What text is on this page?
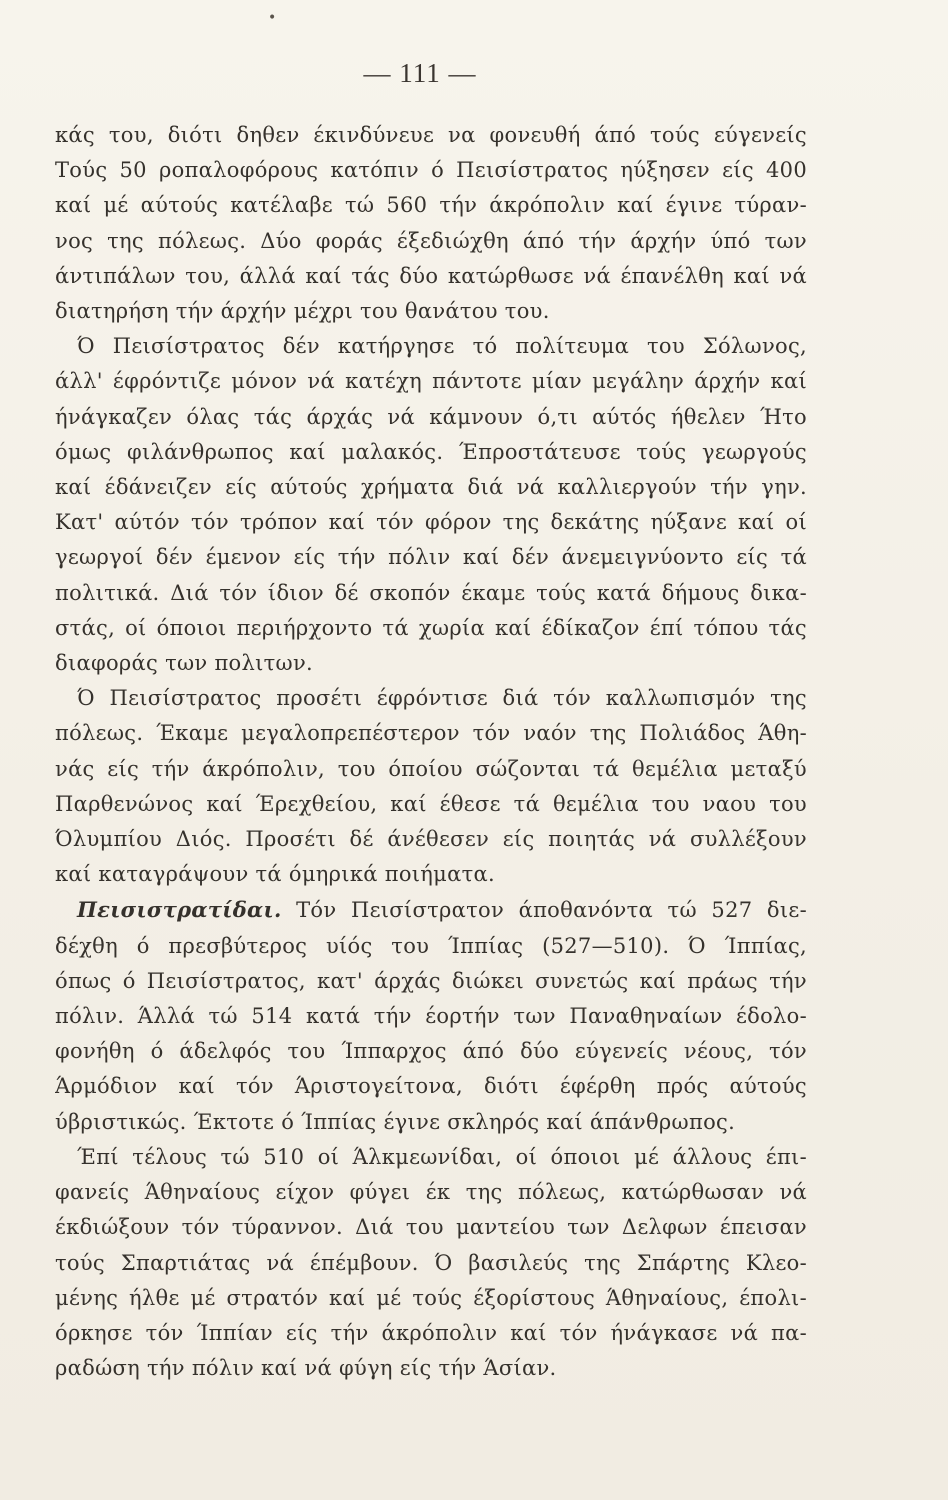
•
— 111 —
κάς του, διότι δηθεν έκινδύνευε να φονευθή άπό τούς εύγενείς
Τούς 50 ροπαλοφόρους κατόπιν ό Πεισίστρατος ηύξησεν είς 400
καί μέ αύτούς κατέλαβε τώ 560 τήν άκρόπολιν καί έγινε τύραν-
νος της πόλεως. Δύο φοράς έξεδιώχθη άπό τήν άρχήν ύπό των
άντιπάλων του, άλλά καί τάς δύο κατώρθωσε νά έπανέλθη καί νά
διατηρήση τήν άρχήν μέχρι του θανάτου του.
Ό Πεισίστρατος δέν κατήργησε τό πολίτευμα του Σόλωνος,
άλλ' έφρόντιζε μόνον νά κατέχη πάντοτε μίαν μεγάλην άρχήν καί
ήνάγκαζεν όλας τάς άρχάς νά κάμνουν ό,τι αύτός ήθελεν Ήτο
όμως φιλάνθρωπος καί μαλακός. Έπροστάτευσε τούς γεωργούς
καί έδάνειζεν είς αύτούς χρήματα διά νά καλλιεργούν τήν γην.
Κατ' αύτόν τόν τρόπον καί τόν φόρον της δεκάτης ηύξανε καί οί
γεωργοί δέν έμενον είς τήν πόλιν καί δέν άνεμειγνύοντο είς τά
πολιτικά. Διά τόν ίδιον δέ σκοπόν έκαμε τούς κατά δήμους δικα-
στάς, οί όποιοι περιήρχοντο τά χωρία καί έδίκαζον έπί τόπου τάς
διαφοράς των πολιτων.
Ό Πεισίστρατος προσέτι έφρόντισε διά τόν καλλωπισμόν της
πόλεως. Έκαμε μεγαλοπρεπέστερον τόν ναόν της Πολιάδος Άθη-
νάς είς τήν άκρόπολιν, του όποίου σώζονται τά θεμέλια μεταξύ
Παρθενώνος καί Έρεχθείου, καί έθεσε τά θεμέλια του ναου του
Όλυμπίου Διός. Προσέτι δέ άνέθεσεν είς ποιητάς νά συλλέξουν
καί καταγράψουν τά όμηρικά ποιήματα.
Πεισιστρατίδαι. Τόν Πεισίστρατον άποθανόντα τώ 527 διε-
δέχθη ό πρεσβύτερος υίός του Ίππίας (527—510). Ό Ίππίας,
όπως ό Πεισίστρατος, κατ' άρχάς διώκει συνετώς καί πράως τήν
πόλιν. Άλλά τώ 514 κατά τήν έορτήν των Παναθηναίων έδολο-
φονήθη ό άδελφός του Ίππαρχος άπό δύο εύγενείς νέους, τόν
Άρμόδιον καί τόν Άριστογείτονα, διότι έφέρθη πρός αύτούς
ύβριστικώς. Έκτοτε ό Ίππίας έγινε σκληρός καί άπάνθρωπος.
Έπί τέλους τώ 510 οί Άλκμεωνίδαι, οί όποιοι μέ άλλους έπι-
φανείς Άθηναίους είχον φύγει έκ της πόλεως, κατώρθωσαν νά
έκδιώξουν τόν τύραννον. Διά του μαντείου των Δελφων έπεισαν
τούς Σπαρτιάτας νά έπέμβουν. Ό βασιλεύς της Σπάρτης Κλεο-
μένης ήλθε μέ στρατόν καί μέ τούς έξορίστους Άθηναίους, έπολι-
όρκησε τόν Ίππίαν είς τήν άκρόπολιν καί τόν ήνάγκασε νά πα-
ραδώση τήν πόλιν καί νά φύγη είς τήν Άσίαν.
